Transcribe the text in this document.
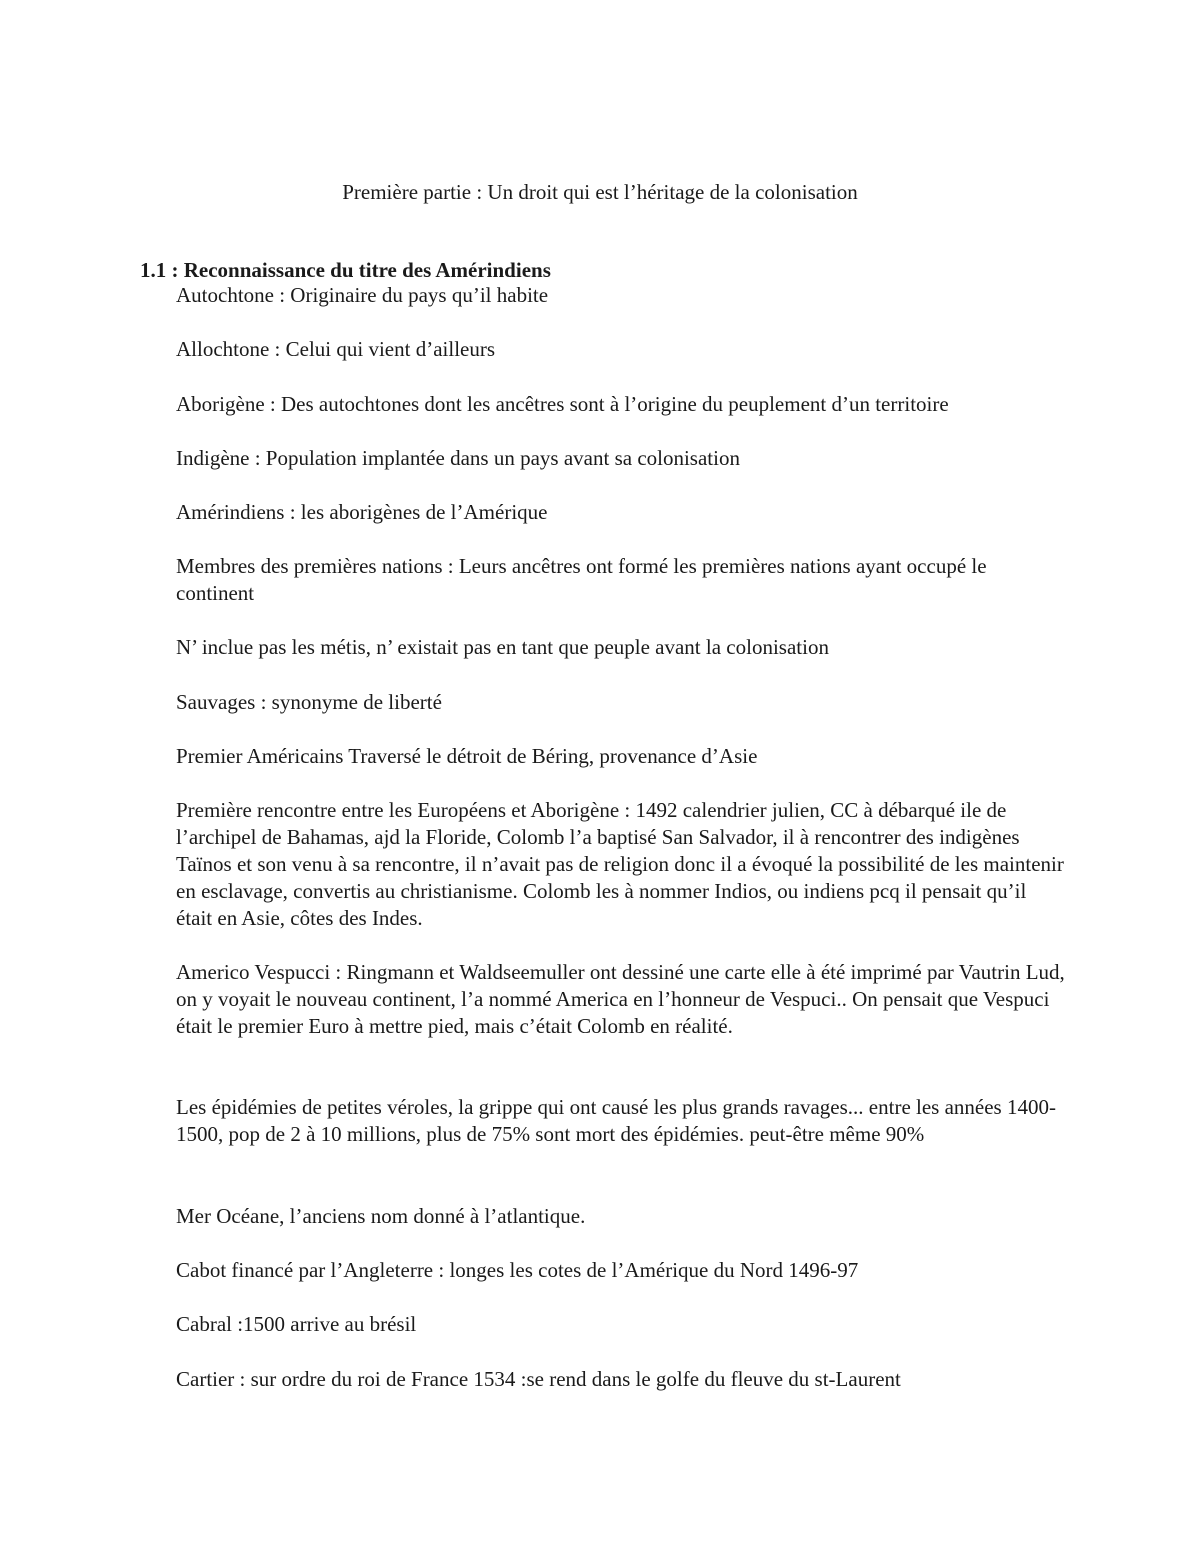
Première partie : Un droit qui est l’héritage de la colonisation
1.1 : Reconnaissance du titre des Amérindiens

Autochtone : Originaire du pays qu’il habite

Allochtone : Celui qui vient d’ailleurs

Aborigène : Des autochtones dont les ancêtres sont à l’origine du peuplement d’un territoire

Indigène : Population implantée dans un pays avant sa colonisation

Amérindiens : les aborigènes de l’Amérique

Membres des premières nations : Leurs ancêtres ont formé les premières nations ayant occupé le continent

N’ inclue pas les métis, n’ existait pas en tant que peuple avant la colonisation

Sauvages : synonyme de liberté

Premier Américains Traversé le détroit de Béring, provenance d’Asie

Première rencontre entre les Européens et Aborigène : 1492 calendrier julien, CC à débarqué ile de l’archipel de Bahamas, ajd la Floride, Colomb l’a baptisé San Salvador, il à rencontrer des indigènes Taïnos et son venu à sa rencontre, il n’avait pas de religion donc il a évoqué la possibilité de les maintenir en esclavage, convertis au christianisme. Colomb les à nommer Indios, ou indiens pcq il pensait qu’il était en Asie, côtes des Indes.

Americo Vespucci : Ringmann et Waldseemuller ont dessiné une carte elle à été imprimé par Vautrin Lud, on y voyait le nouveau continent, l’a nommé America en l’honneur de Vespuci.. On pensait que Vespuci était le premier Euro à mettre pied, mais c’était Colomb en réalité.

Les épidémies de petites véroles, la grippe qui ont causé les plus grands ravages... entre les années 1400-1500, pop de 2 à 10 millions, plus de 75% sont mort des épidémies. peut-être même 90%

Mer Océane, l’anciens nom donné à l’atlantique.

Cabot financé par l’Angleterre : longes les cotes de l’Amérique du Nord 1496-97

Cabral :1500 arrive au brésil

Cartier : sur ordre du roi de France 1534 :se rend dans le golfe du fleuve du st-Laurent
